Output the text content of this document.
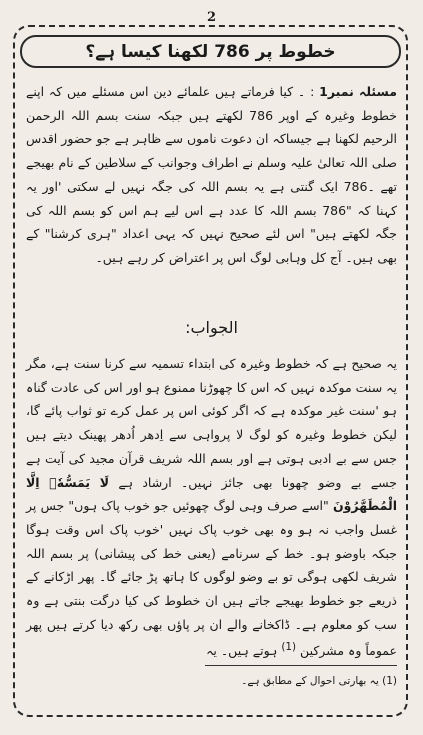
2
خطوط پر 786 لکھنا کیسا ہے؟
مسئلہ نمبر1 : ۔ کیا فرماتے ہیں علمائے دین اس مسئلے میں کہ اپنے خطوط وغیرہ کے اوپر 786 لکھتے ہیں جبکہ سنت بسم اللہ الرحمن الرحیم لکھنا ہے جیساکہ ان دعوت ناموں سے ظاہر ہے جو حضور اقدس صلی اللہ تعالیٰ علیہ وسلم نے اطراف وجوانب کے سلاطین کے نام بھیجے تھے ۔786 ایک گنتی ہے یہ بسم اللہ کی جگہ نہیں لے سکتی 'اور یہ کہنا کہ "786 بسم اللہ کا عدد ہے اس لیے ہم اس کو بسم اللہ کی جگہ لکھتے ہیں" اس لئے صحیح نہیں کہ یہی اعداد "ہری کرشنا" کے بھی ہیں۔ آج کل وہابی لوگ اس پر اعتراض کر رہے ہیں۔
الجواب:
یہ صحیح ہے کہ خطوط وغیرہ کی ابتداء تسمیہ سے کرنا سنت ہے، مگر یہ سنت موکدہ نہیں کہ اس کا چھوڑنا ممنوع ہو اور اس کی عادت گناہ ہو 'سنت غیر موکدہ ہے کہ اگر کوئی اس پر عمل کرے تو ثواب پائے گا، لیکن خطوط وغیرہ کو لوگ لا پرواہی سے اِدھر اُدھر پھینک دیتے ہیں جس سے بے ادبی ہوتی ہے اور بسم اللہ شریف قرآن مجید کی آیت ہے جسے بے وضو چھونا بھی جائز نہیں۔ ارشاد ہے لَا يَمَسُّهٗۤ اِلَّا الْمُطَهَّرُوْنَ "اسے صرف وہی لوگ چھوئیں جو خوب پاک ہوں" جس پر غسل واجب نہ ہو وہ بھی خوب پاک نہیں 'خوب پاک اس وقت ہوگا جبکہ باوضو ہو۔ خط کے سرنامے (یعنی خط کی پیشانی) پر بسم اللہ شریف لکھی ہوگی تو بے وضو لوگوں کا ہاتھ پڑ جائے گا۔ پھر اڑکانے کے ذریعے جو خطوط بھیجے جاتے ہیں ان خطوط کی کیا درگت بنتی ہے وہ سب کو معلوم ہے۔ ڈاکخانے والے ان پر پاؤں بھی رکھ دیا کرتے ہیں پھر عموماً وہ مشرکین $^{(1)}$ ہوتے ہیں۔ یہ
(1) یہ بھارتی احوال کے مطابق ہے۔
